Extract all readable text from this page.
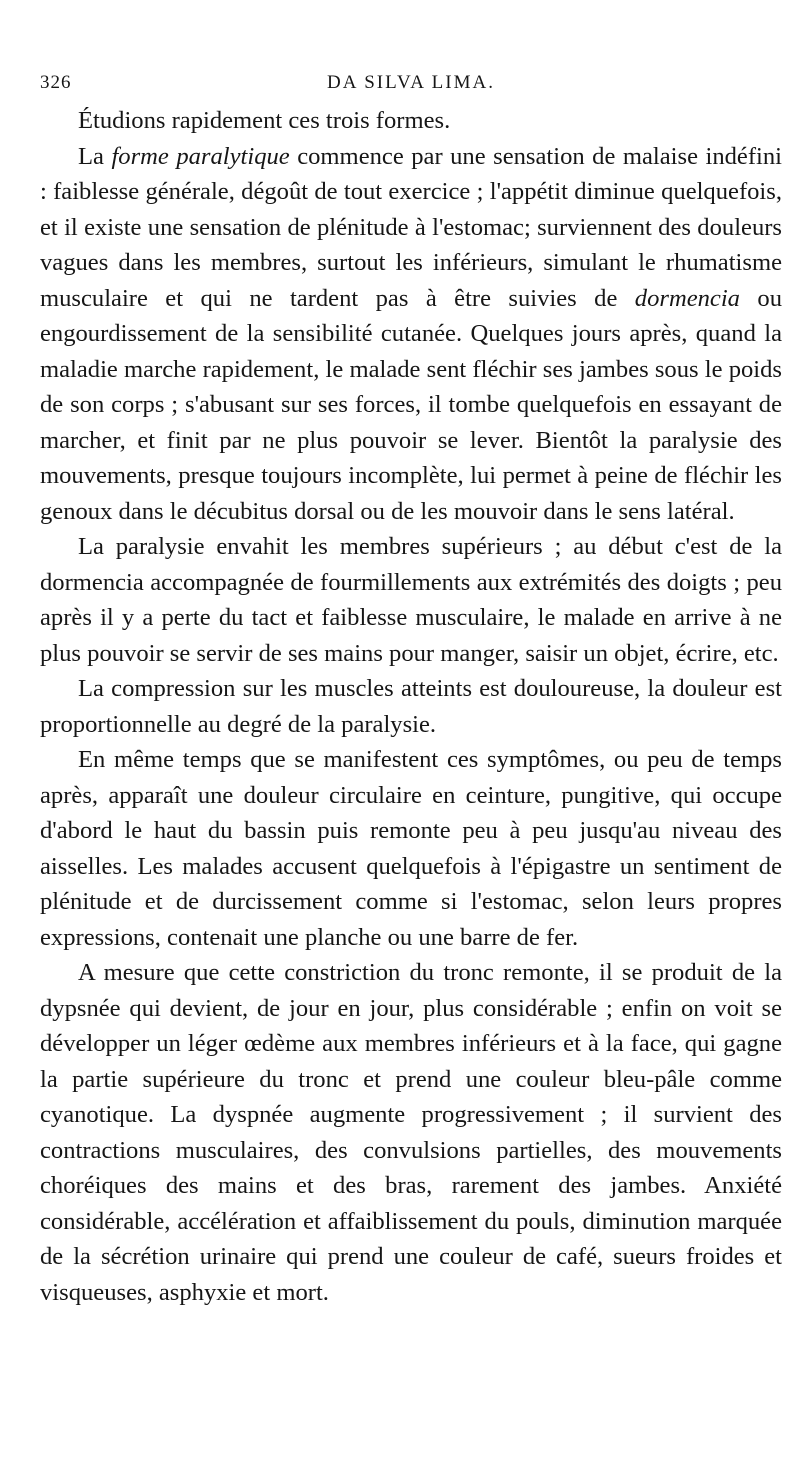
326	DA SILVA LIMA.

Étudions rapidement ces trois formes.

La forme paralytique commence par une sensation de malaise indéfini : faiblesse générale, dégoût de tout exercice ; l'appétit diminue quelquefois, et il existe une sensation de plénitude à l'estomac; surviennent des douleurs vagues dans les membres, surtout les inférieurs, simulant le rhumatisme musculaire et qui ne tardent pas à être suivies de dormencia ou engourdissement de la sensibilité cutanée. Quelques jours après, quand la maladie marche rapidement, le malade sent fléchir ses jambes sous le poids de son corps ; s'abusant sur ses forces, il tombe quelquefois en essayant de marcher, et finit par ne plus pouvoir se lever. Bientôt la paralysie des mouvements, presque toujours incomplète, lui permet à peine de fléchir les genoux dans le décubitus dorsal ou de les mouvoir dans le sens latéral.

La paralysie envahit les membres supérieurs ; au début c'est de la dormencia accompagnée de fourmillements aux extrémités des doigts ; peu après il y a perte du tact et faiblesse musculaire, le malade en arrive à ne plus pouvoir se servir de ses mains pour manger, saisir un objet, écrire, etc.

La compression sur les muscles atteints est douloureuse, la douleur est proportionnelle au degré de la paralysie.

En même temps que se manifestent ces symptômes, ou peu de temps après, apparaît une douleur circulaire en ceinture, pungitive, qui occupe d'abord le haut du bassin puis remonte peu à peu jusqu'au niveau des aisselles. Les malades accusent quelquefois à l'épigastre un sentiment de plénitude et de durcissement comme si l'estomac, selon leurs propres expressions, contenait une planche ou une barre de fer.

A mesure que cette constriction du tronc remonte, il se produit de la dypsnée qui devient, de jour en jour, plus considérable ; enfin on voit se développer un léger œdème aux membres inférieurs et à la face, qui gagne la partie supérieure du tronc et prend une couleur bleu-pâle comme cyanotique. La dyspnée augmente progressivement ; il survient des contractions musculaires, des convulsions partielles, des mouvements choréiques des mains et des bras, rarement des jambes. Anxiété considérable, accélération et affaiblissement du pouls, diminution marquée de la sécrétion urinaire qui prend une couleur de café, sueurs froides et visqueuses, asphyxie et mort.
